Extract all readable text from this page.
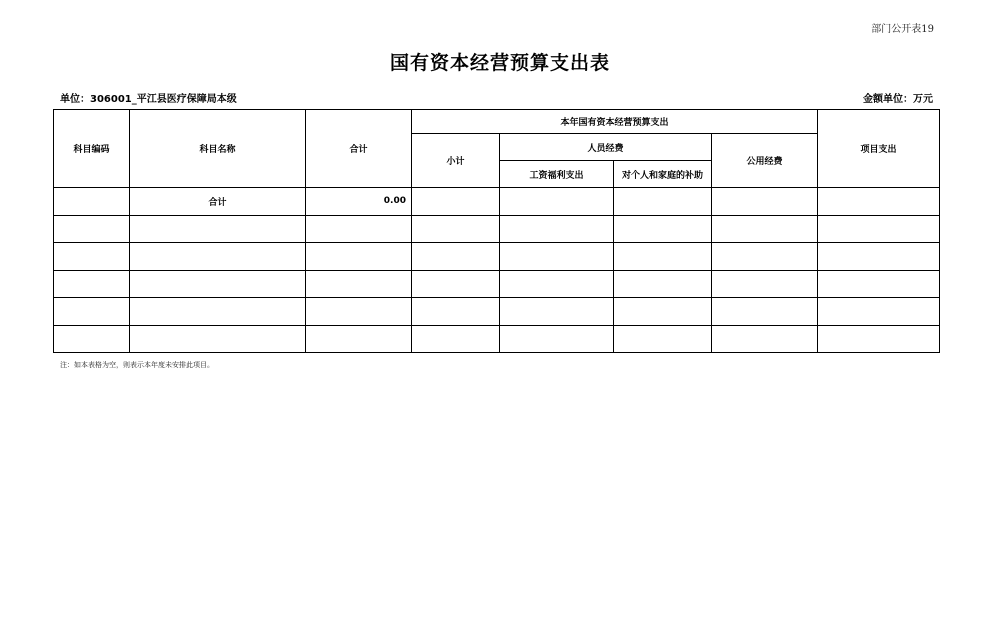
部门公开表19
国有资本经营预算支出表
单位：306001_平江县医疗保障局本级	金额单位：万元
科目编码	科目名称	合计	本年国有资本经营预算支出				项目支出
			小计	人员经费		公用经费	
				工资福利支出	对个人和家庭的补助		
	合计	0.00					

注：如本表格为空，则表示本年度未安排此项目。
